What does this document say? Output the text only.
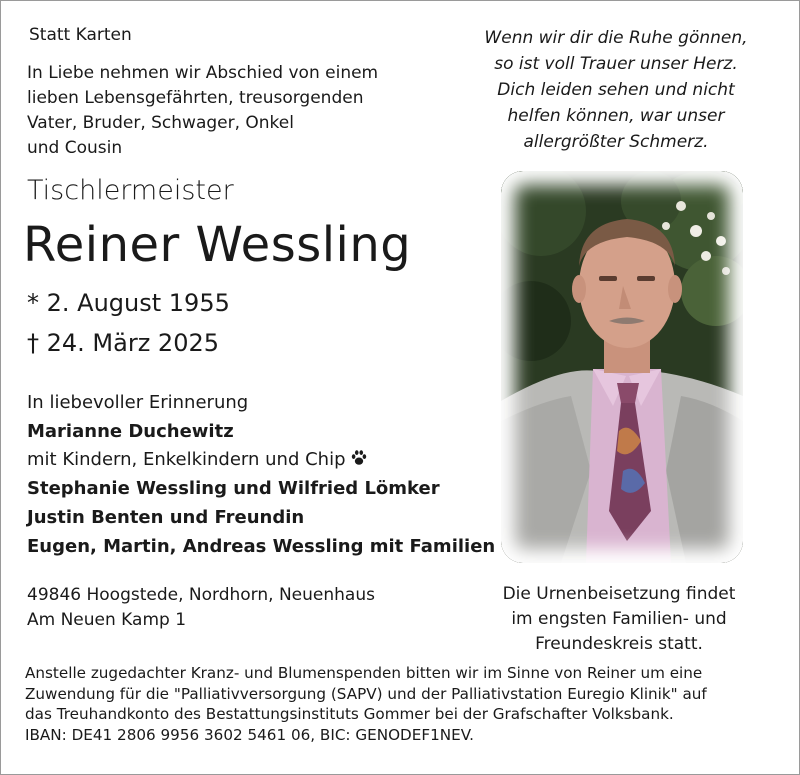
Statt Karten

In Liebe nehmen wir Abschied von einem
lieben Lebensgefährten, treusorgenden
Vater, Bruder, Schwager, Onkel
und Cousin

Tischlermeister

Reiner Wessling

* 2. August 1955

† 24. März 2025

Wenn wir dir die Ruhe gönnen,
so ist voll Trauer unser Herz.
Dich leiden sehen und nicht
helfen können, war unser
allergrößter Schmerz.
In liebevoller Erinnerung
Marianne Duchewitz
mit Kindern, Enkelkindern und Chip
Stephanie Wessling und Wilfried Lömker
Justin Benten und Freundin
Eugen, Martin, Andreas Wessling mit Familien
49846 Hoogstede, Nordhorn, Neuenhaus
Am Neuen Kamp 1
Die Urnenbeisetzung findet
im engsten Familien- und
Freundeskreis statt.
Anstelle zugedachter Kranz- und Blumenspenden bitten wir im Sinne von Reiner um eine
Zuwendung für die "Palliativversorgung (SAPV) und der Palliativstation Euregio Klinik" auf
das Treuhandkonto des Bestattungsinstituts Gommer bei der Grafschafter Volksbank.
IBAN: DE41 2806 9956 3602 5461 06, BIC: GENODEF1NEV.
